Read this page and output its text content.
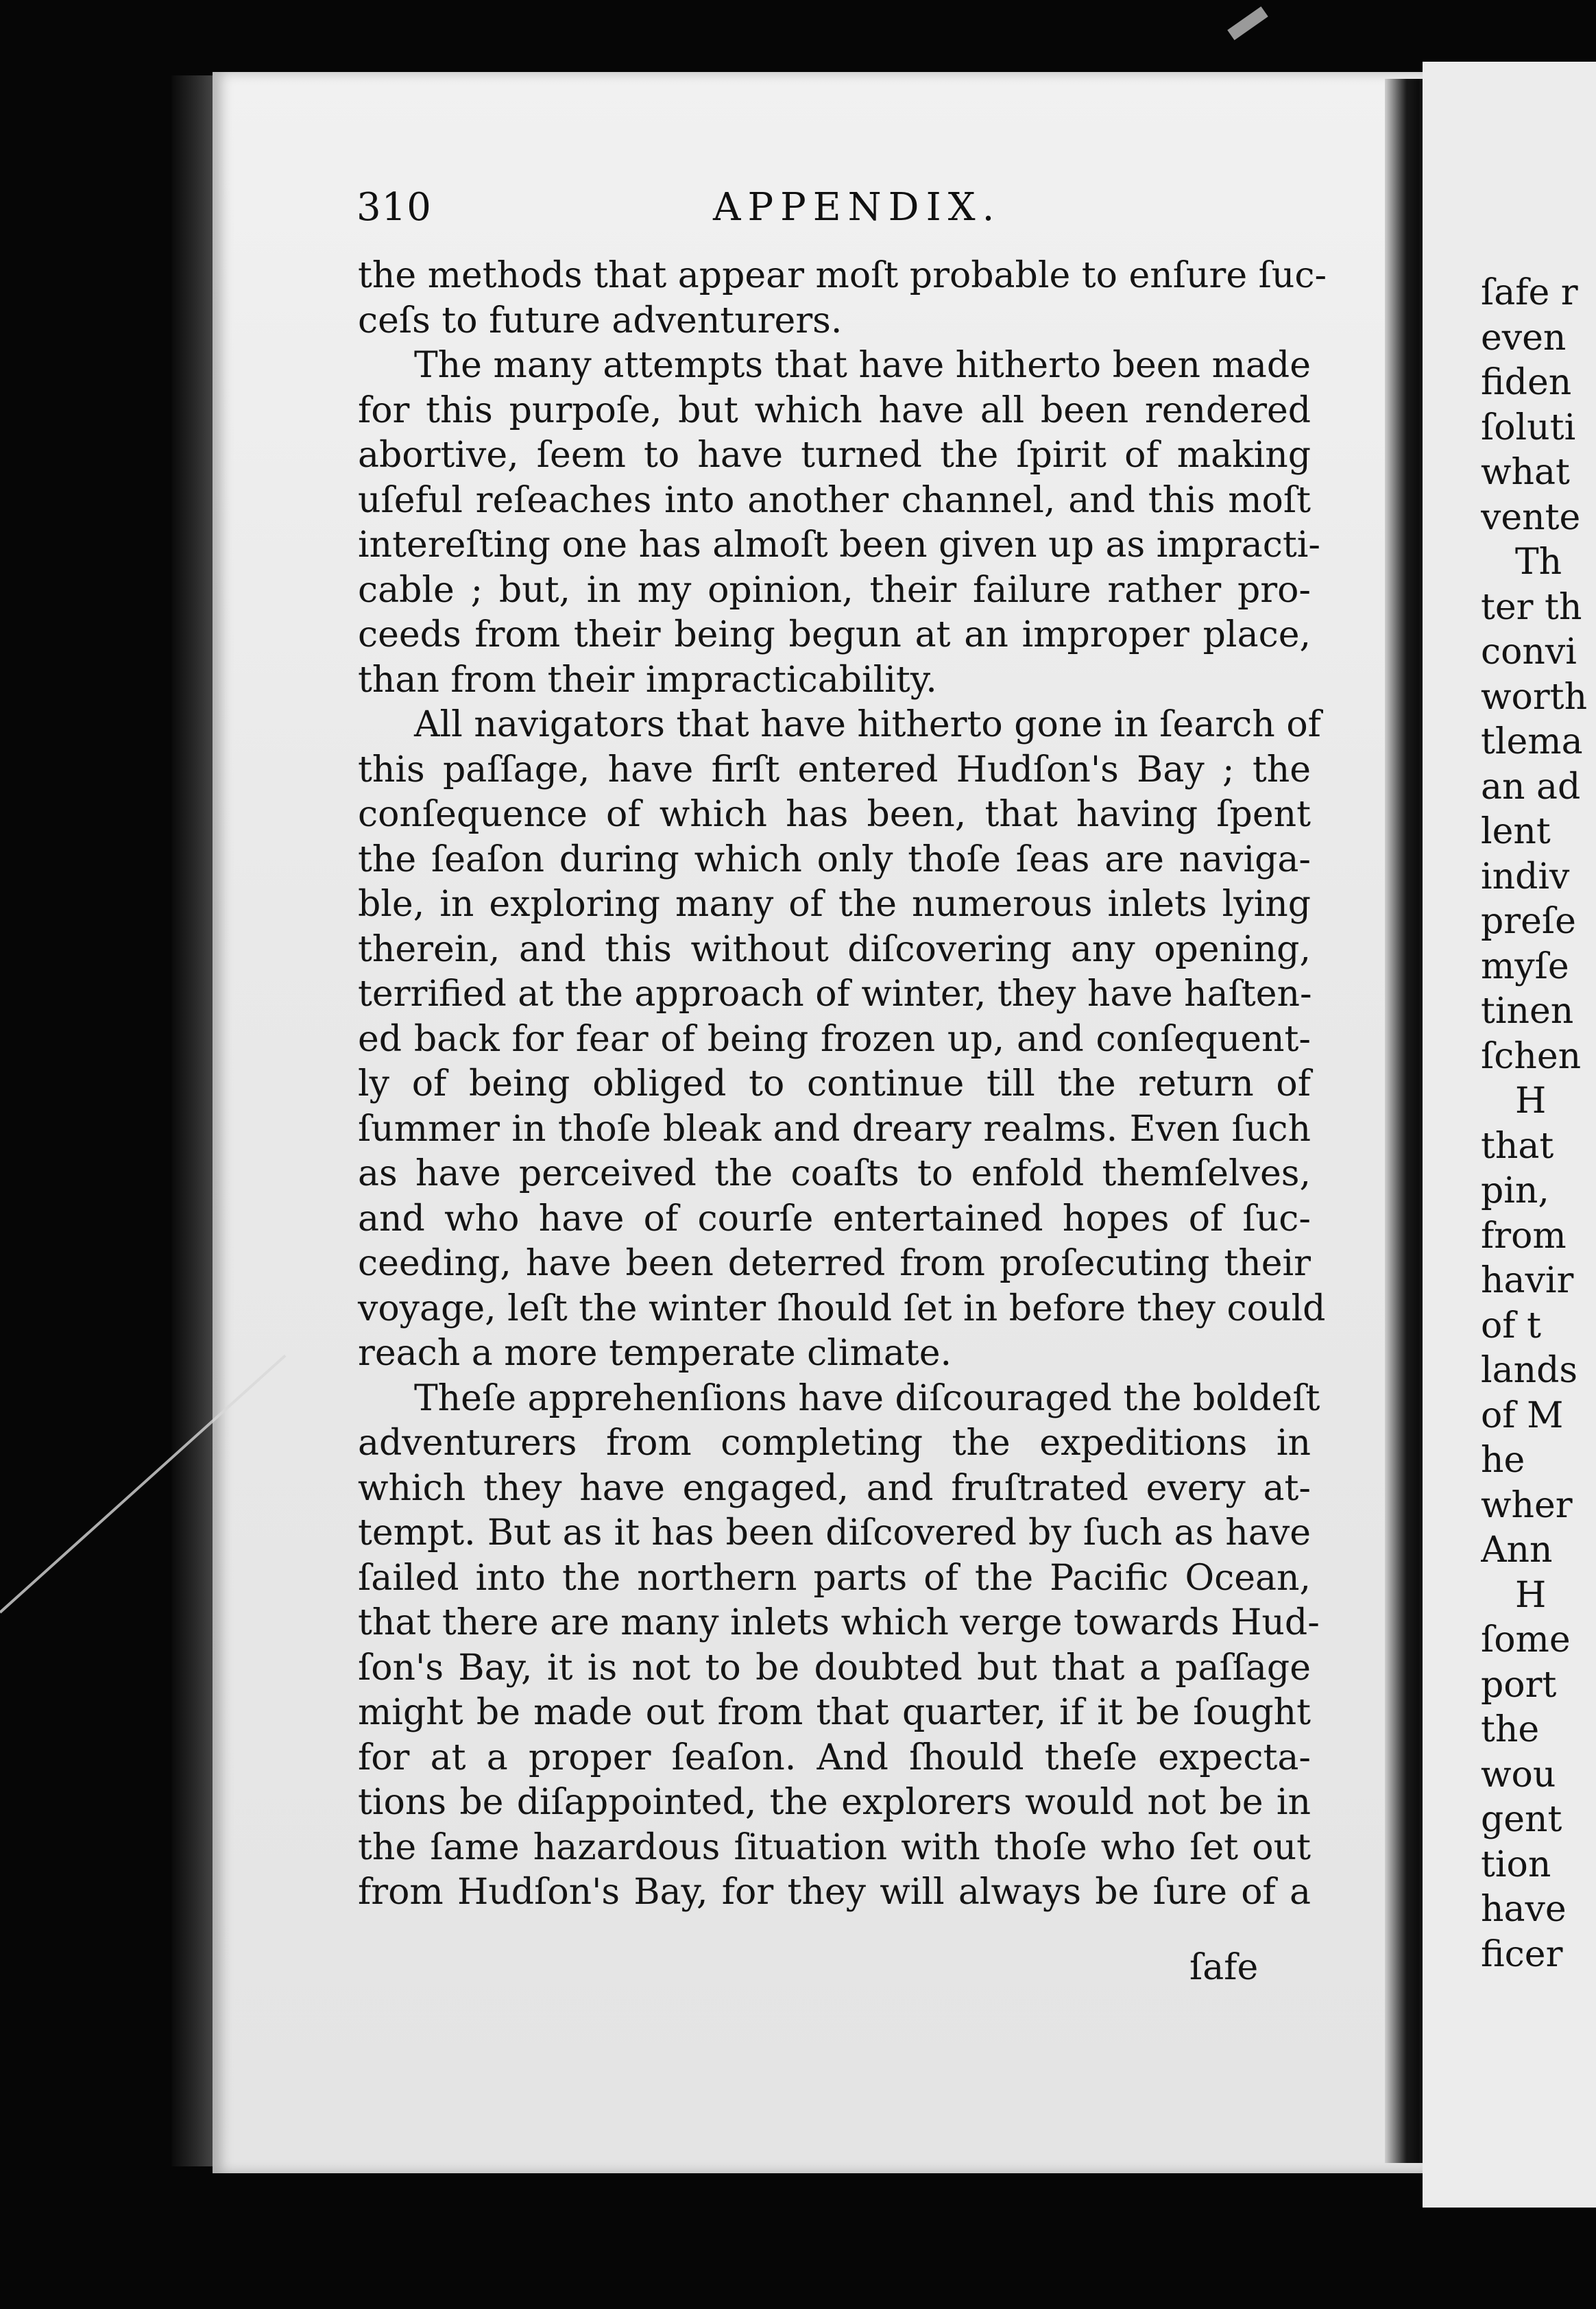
310	APPENDIX.
the methods that appear moſt probable to enſure ſuc-
ceſs to future adventurers.
The many attempts that have hitherto been made
for this purpoſe, but which have all been rendered
abortive, ſeem to have turned the ſpirit of making
uſeful reſeaches into another channel, and this moſt
intereſting one has almoſt been given up as impracti-
cable ; but, in my opinion, their failure rather pro-
ceeds from their being begun at an improper place,
than from their impracticability.
All navigators that have hitherto gone in ſearch of
this paſſage, have firſt entered Hudſon's Bay ; the
conſequence of which has been, that having ſpent
the ſeaſon during which only thoſe ſeas are naviga-
ble, in exploring many of the numerous inlets lying
therein, and this without diſcovering any opening,
terrified at the approach of winter, they have haſten-
ed back for fear of being frozen up, and conſequent-
ly of being obliged to continue till the return of
ſummer in thoſe bleak and dreary realms. Even ſuch
as have perceived the coaſts to enfold themſelves,
and who have of courſe entertained hopes of ſuc-
ceeding, have been deterred from proſecuting their
voyage, leſt the winter ſhould ſet in before they could
reach a more temperate climate.
Theſe apprehenſions have diſcouraged the boldeſt
adventurers from completing the expeditions in
which they have engaged, and fruſtrated every at-
tempt. But as it has been diſcovered by ſuch as have
ſailed into the northern parts of the Pacific Ocean,
that there are many inlets which verge towards Hud-
ſon's Bay, it is not to be doubted but that a paſſage
might be made out from that quarter, if it be ſought
for at a proper ſeaſon. And ſhould theſe expecta-
tions be diſappointed, the explorers would not be in
the ſame hazardous ſituation with thoſe who ſet out
from Hudſon's Bay, for they will always be ſure of a
ſafe
ſafe r
even
fiden
ſoluti
what
vente
Th
ter th
convi
worth
tlema
an ad
lent
indiv
preſe
myſe
tinen
ſchen
H
that
pin,
from
havir
of t
lands
of M
he
wher
Ann
H
ſome
port
the
wou
gent
tion
have
ficer
